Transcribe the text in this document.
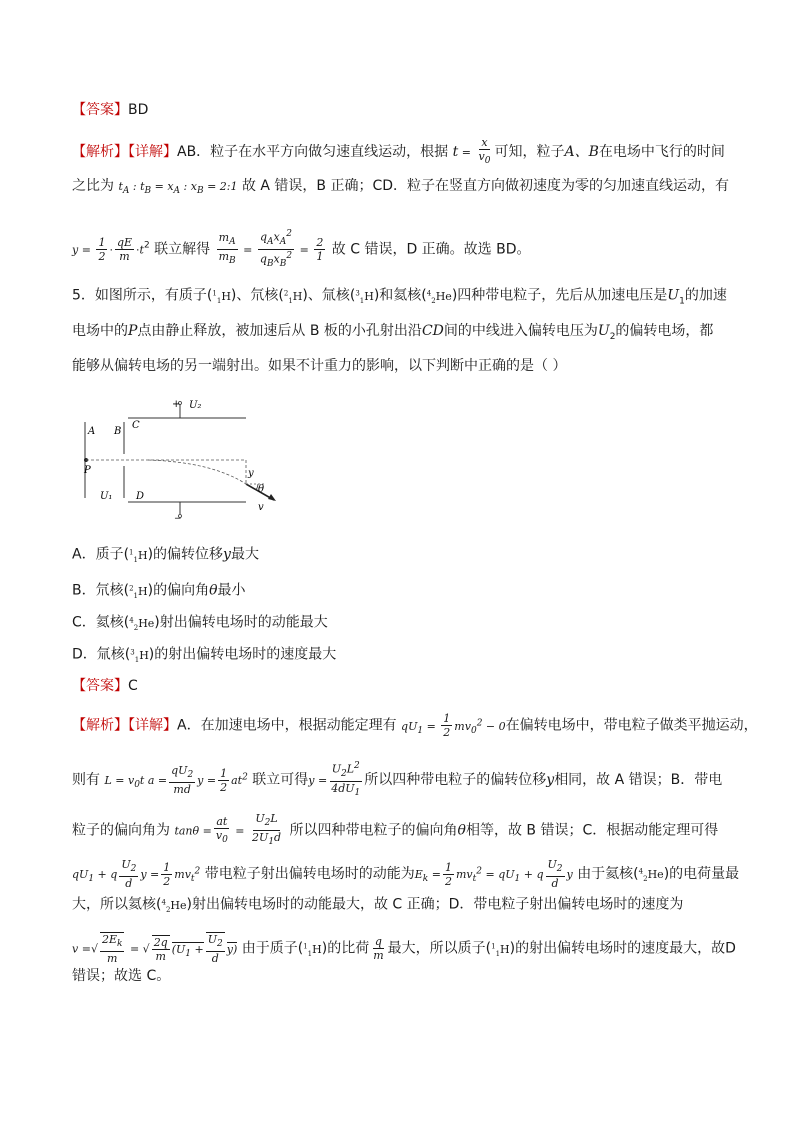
【答案】BD
【解析】【详解】AB．粒子在水平方向做匀速直线运动，根据 $t = \frac{x}{v_0}$ 可知，粒子A、B在电场中飞行的时间
之比为 $t_A$ : $t_B = x_A$ : $x_B$ = 2:1 故 A 错误，B 正确；CD．粒子在竖直方向做初速度为零的匀加速直线运动，有
$y = \frac{1}{2} \cdot \frac{qE}{m} \cdot t^2$ 联立解得 $\frac{m_A}{m_B} = \frac{q_Ax_A^2}{q_Bx_B^2} = \frac{2}{1}$ 故 C 错误，D 正确。故选 BD。
5．如图所示，有质子($^1_1$H)、氘核($^2_1$H)、氚核($^3_1$H)和氦核($^4_2$He)四种带电粒子，先后从加速电压是$U_1$的加速
电场中的P点由静止释放，被加速后从 B 板的小孔射出沿CD间的中线进入偏转电压为$U_2$的偏转电场，都
能够从偏转电场的另一端射出。如果不计重力的影响，以下判断中正确的是（ ）
+ U₂
−
A B
C
D
U₁
P	y
θ
v
A．质子($^1_1$H)的偏转位移y最大
B．氘核($^2_1$H)的偏向角θ最小
C．氦核($^4_2$He)射出偏转电场时的动能最大
D．氚核($^3_1$H)的射出偏转电场时的速度最大
【答案】C
【解析】【详解】A．在加速电场中，根据动能定理有 $qU_1 = \frac{1}{2} mv_0^2 - 0$在偏转电场中，带电粒子做类平抛运动，
则有 $L = v_0t$ $a = \frac{qU_2}{md}$ $y = \frac{1}{2} at^2$ 联立可得$y = \frac{U_2L^2}{4dU_1}$ 所以四种带电粒子的偏转位移y相同，故 A 错误；B．带电
粒子的偏向角为 $\tan\theta = \frac{at}{v_0} = \frac{U_2L}{2U_1d}$ 所以四种带电粒子的偏向角θ相等，故 B 错误；C．根据动能定理可得
$qU_1 + q \frac{U_2}{d}$ $y = \frac{1}{2} mv_t^2$ 带电粒子射出偏转电场时的动能为$E_k = \frac{1}{2} mv_t^2 = qU_1 + q \frac{U_2}{d}$ y 由于氦核($^4_2$He)的电荷量最
大，所以氦核($^4_2$He)射出偏转电场时的动能最大，故 C 正确；D．带电粒子射出偏转电场时的速度为
v =√ $\frac{2E_k}{m}$ = √ $\frac{2q}{m} (U_1 + \frac{U_2}{d} y)$ 由于质子($^1_1$H)的比荷 $\frac{q}{m}$ 最大，所以质子($^1_1$H)的射出偏转电场时的速度最大，故D
错误；故选 C。
